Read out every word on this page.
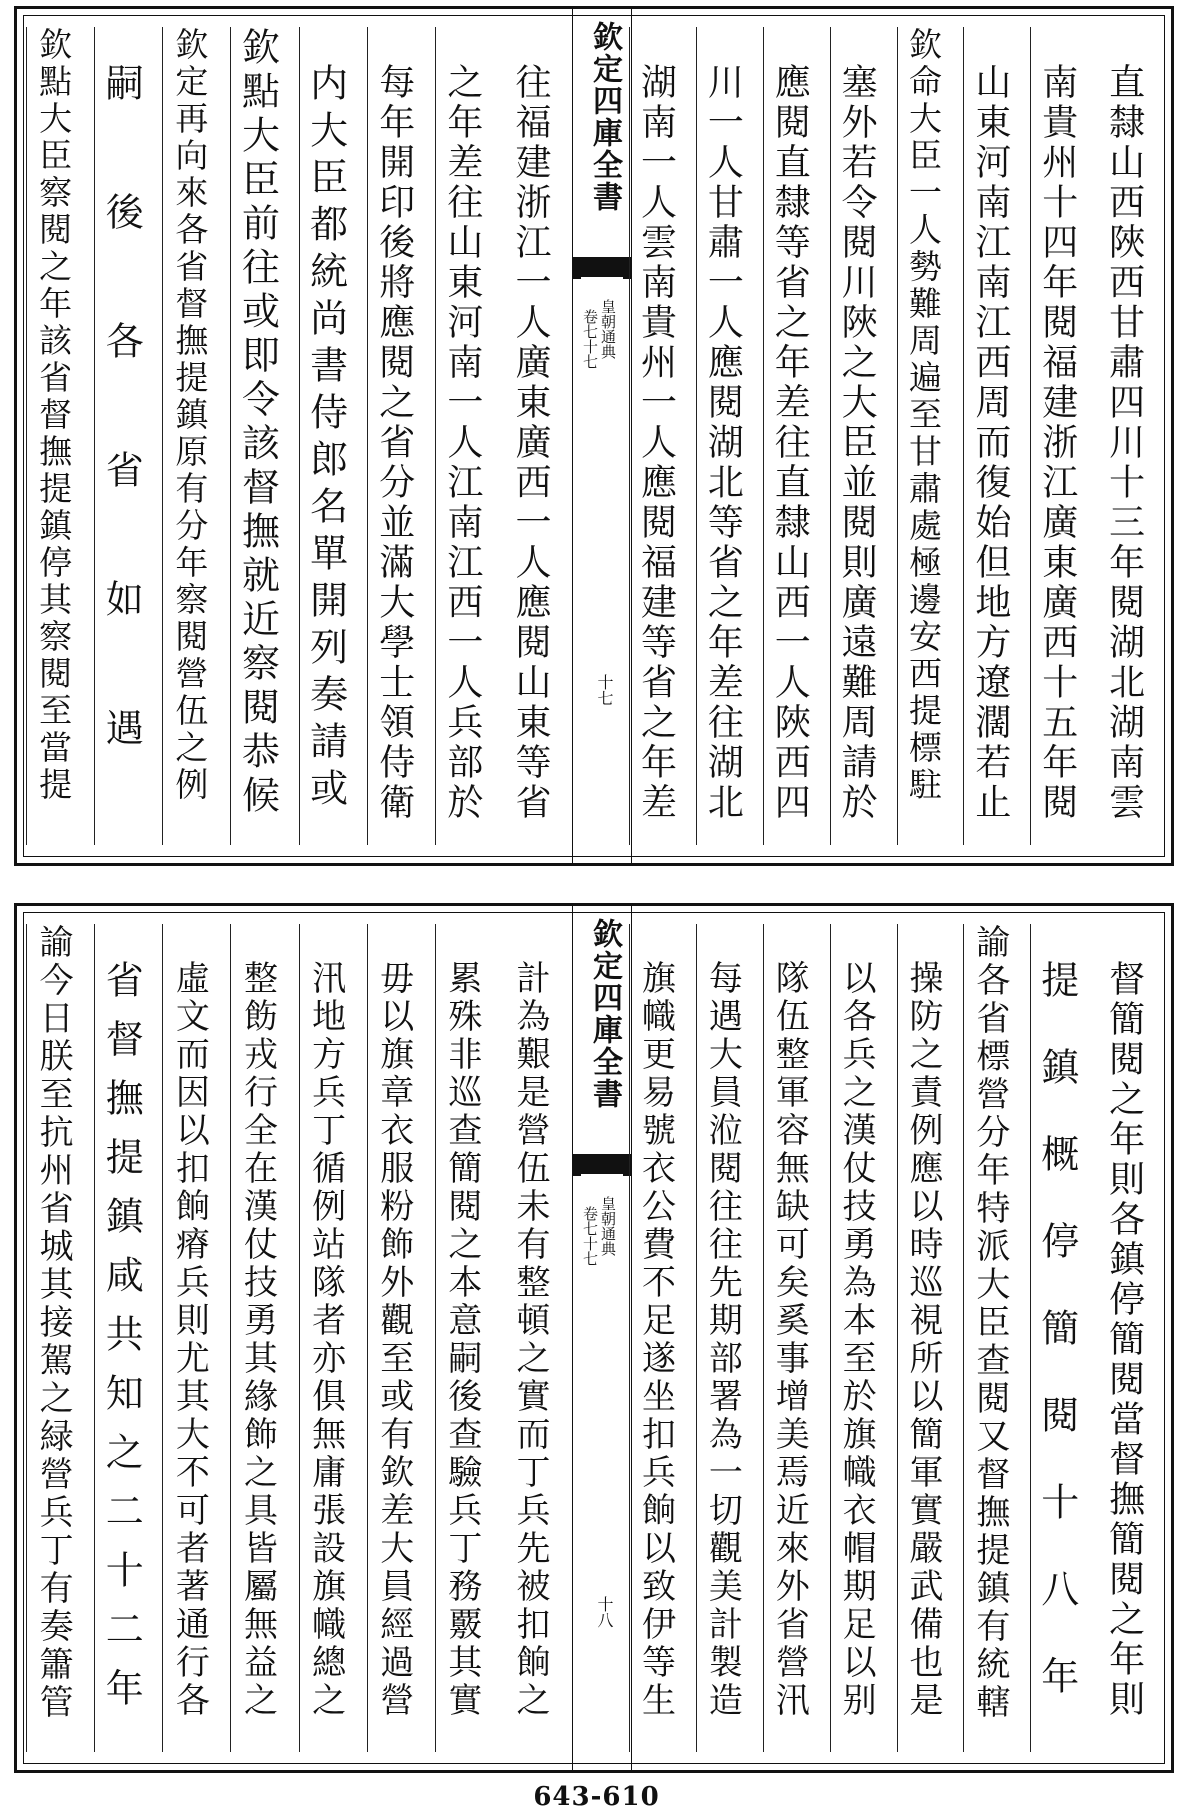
往福建浙江一人廣東廣西一人應閱山東等省
之年差往山東河南一人江南江西一人兵部於
每年開印後將應閱之省分並滿大學士領侍衛
内大臣都統尚書侍郎名單開列奏請或
欽點大臣前往或即令該督撫就近察閱恭候
欽定再向來各省督撫提鎮原有分年察閱營伍之例
嗣後各省如遇
欽點大臣察閱之年該省督撫提鎮停其察閱至當提	欽定四庫全書
皇朝通典
卷七十七
十七	直隸山西陜西甘肅四川十三年閱湖北湖南雲
南貴州十四年閱福建浙江廣東廣西十五年閱
山東河南江南江西周而復始但地方遼濶若止
欽命大臣一人勢難周遍至甘肅處極邊安西提標駐
塞外若令閱川陜之大臣並閱則廣遠難周請於
應閱直隸等省之年差往直隸山西一人陜西四
川一人甘肅一人應閱湖北等省之年差往湖北
湖南一人雲南貴州一人應閱福建等省之年差
計為艱是營伍未有整頓之實而丁兵先被扣餉之
累殊非巡查簡閱之本意嗣後查驗兵丁務覈其實
毋以旗章衣服粉飾外觀至或有欽差大員經過營
汛地方兵丁循例站隊者亦俱無庸張設旗幟總之
整飭戎行全在漢仗技勇其緣飾之具皆屬無益之
虛文而因以扣餉瘠兵則尤其大不可者著通行各
省督撫提鎮咸共知之二十二年
諭今日朕至抗州省城其接駕之緑營兵丁有奏簫管	欽定四庫全書
皇朝通典
卷七十七
十八	督簡閱之年則各鎮停簡閱當督撫簡閱之年則
提鎮概停簡閱十八年
諭各省標營分年特派大臣查閱又督撫提鎮有統轄
操防之責例應以時巡視所以簡軍實嚴武備也是
以各兵之漢仗技勇為本至於旗幟衣帽期足以别
隊伍整軍容無缺可矣奚事增美焉近來外省營汛
每遇大員涖閱往往先期部署為一切觀美計製造
旗幟更易號衣公費不足遂坐扣兵餉以致伊等生
643-610
